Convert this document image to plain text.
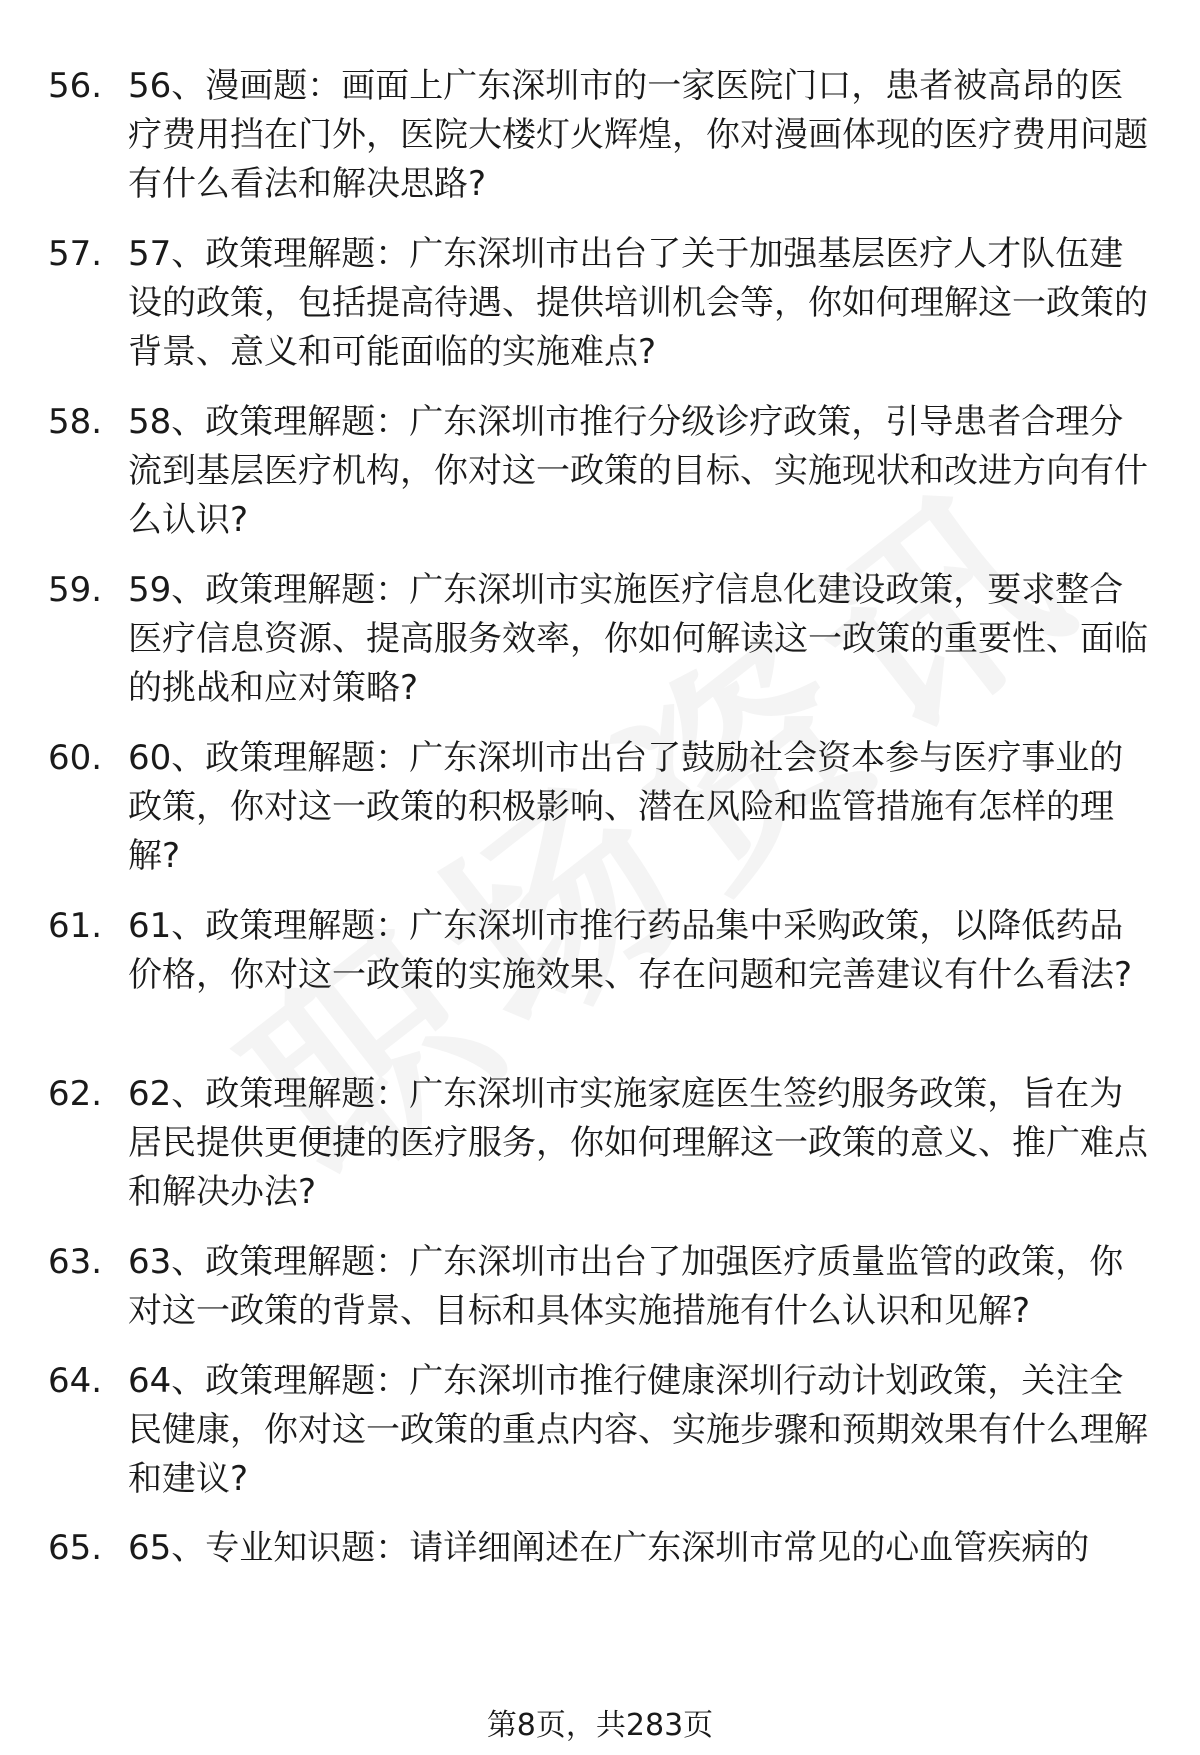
56. 56、漫画题：画面上广东深圳市的一家医院门口，患者被高昂的医疗费用挡在门外，医院大楼灯火辉煌，你对漫画体现的医疗费用问题有什么看法和解决思路?
57. 57、政策理解题：广东深圳市出台了关于加强基层医疗人才队伍建设的政策，包括提高待遇、提供培训机会等，你如何理解这一政策的背景、意义和可能面临的实施难点?
58. 58、政策理解题：广东深圳市推行分级诊疗政策，引导患者合理分流到基层医疗机构，你对这一政策的目标、实施现状和改进方向有什么认识?
59. 59、政策理解题：广东深圳市实施医疗信息化建设政策，要求整合医疗信息资源、提高服务效率，你如何解读这一政策的重要性、面临的挑战和应对策略?
60. 60、政策理解题：广东深圳市出台了鼓励社会资本参与医疗事业的政策，你对这一政策的积极影响、潜在风险和监管措施有怎样的理解?
61. 61、政策理解题：广东深圳市推行药品集中采购政策，以降低药品价格，你对这一政策的实施效果、存在问题和完善建议有什么看法?
62. 62、政策理解题：广东深圳市实施家庭医生签约服务政策，旨在为居民提供更便捷的医疗服务，你如何理解这一政策的意义、推广难点和解决办法?
63. 63、政策理解题：广东深圳市出台了加强医疗质量监管的政策，你对这一政策的背景、目标和具体实施措施有什么认识和见解?
64. 64、政策理解题：广东深圳市推行健康深圳行动计划政策，关注全民健康，你对这一政策的重点内容、实施步骤和预期效果有什么理解和建议?
65. 65、专业知识题：请详细阐述在广东深圳市常见的心血管疾病的
第8页，共283页
